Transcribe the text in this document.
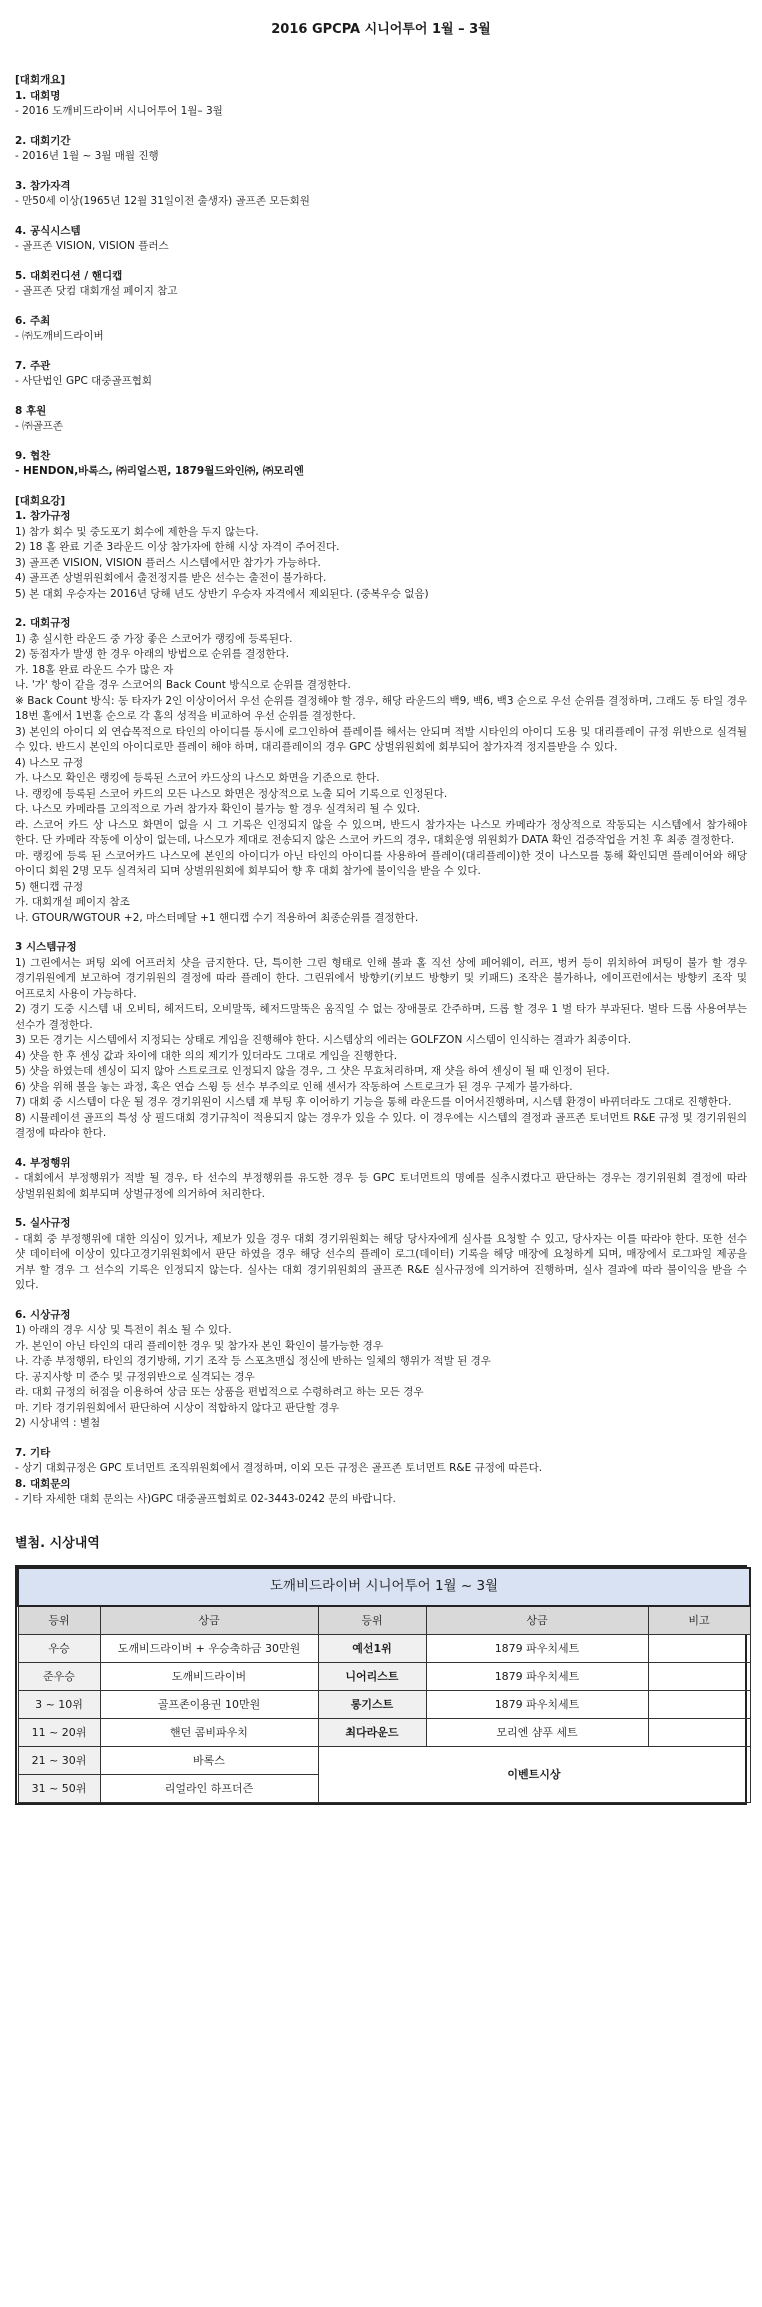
2016 GPCPA 시니어투어 1월 – 3월
[대회개요]
1. 대회명
- 2016 도깨비드라이버 시니어투어 1월– 3월
2. 대회기간
- 2016년 1월 ~ 3월 매월 진행
3. 참가자격
- 만50세 이상(1965년 12월 31일이전 출생자) 골프존 모든회원
4. 공식시스템
- 골프존 VISION, VISION 플러스
5. 대회컨디션 / 핸디캡
- 골프존 닷컴 대회개설 페이지 참고
6. 주최
- ㈜도깨비드라이버
7. 주관
- 사단법인 GPC 대중골프협회
8 후원
- ㈜골프존
9. 협찬
- HENDON,바록스, ㈜리얼스핀, 1879월드와인㈜, ㈜모리엔
[대회요강]
1. 참가규정
1) 참가 회수 및 중도포기 회수에 제한을 두지 않는다.
2) 18 홀 완료 기준 3라운드 이상 참가자에 한해 시상 자격이 주어진다.
3) 골프존 VISION, VISION 플러스 시스템에서만 참가가 가능하다.
4) 골프존 상벌위원회에서 출전정지를 받은 선수는 출전이 불가하다.
5) 본 대회 우승자는 2016년 당해 년도 상반기 우승자 자격에서 제외된다. (중복우승 없음)
2. 대회규정
1) 총 실시한 라운드 중 가장 좋은 스코어가 랭킹에 등록된다.
2) 동점자가 발생 한 경우 아래의 방법으로 순위를 결정한다.
가. 18홀 완료 라운드 수가 많은 자
나. '가' 항이 같을 경우 스코어의 Back Count 방식으로 순위를 결정한다.
※ Back Count 방식: 동 타자가 2인 이상이어서 우선 순위를 결정해야 할 경우, 해당 라운드의 백9, 백6, 백3 순으로 우선 순위를 결정하며, 그래도 동 타일 경우 18번 홀에서 1번홀 순으로 각 홀의 성적을 비교하여 우선 순위를 결정한다.
3) 본인의 아이디 외 연습목적으로 타인의 아이디를 동시에 로그인하여 플레이를 해서는 안되며 적발 시타인의 아이디 도용 및 대리플레이 규정 위반으로 실격될 수 있다. 반드시 본인의 아이디로만 플레이 해야 하며, 대리플레이의 경우 GPC 상벌위원회에 회부되어 참가자격 정지를받을 수 있다.
4) 나스모 규정
가. 나스모 확인은 랭킹에 등록된 스코어 카드상의 나스모 화면을 기준으로 한다.
나. 랭킹에 등록된 스코어 카드의 모든 나스모 화면은 정상적으로 노출 되어 기록으로 인정된다.
다. 나스모 카메라를 고의적으로 가려 참가자 확인이 불가능 할 경우 실격처리 될 수 있다.
라. 스코어 카드 상 나스모 화면이 없을 시 그 기록은 인정되지 않을 수 있으며, 반드시 참가자는 나스모 카메라가 정상적으로 작동되는 시스템에서 참가해야 한다. 단 카메라 작동에 이상이 없는데, 나스모가 제대로 전송되지 않은 스코어 카드의 경우, 대회운영 위원회가 DATA 확인 검증작업을 거친 후 최종 결정한다.
마. 랭킹에 등록 된 스코어카드 나스모에 본인의 아이디가 아닌 타인의 아이디를 사용하여 플레이(대리플레이)한 것이 나스모를 통해 확인되면 플레이어와 해당 아이디 회원 2명 모두 실격처리 되며 상벌위원회에 회부되어 향 후 대회 참가에 불이익을 받을 수 있다.
5) 핸디캡 규정
가. 대회개설 페이지 참조
나. GTOUR/WGTOUR +2, 마스터메달 +1 핸디캡 수기 적용하여 최종순위를 결정한다.
3 시스템규정
1) 그린에서는 퍼팅 외에 어프러치 샷을 금지한다. 단, 특이한 그린 형태로 인해 볼과 홀 직선 상에 페어웨이, 러프, 벙커 등이 위치하여 퍼팅이 불가 할 경우 경기위원에게 보고하여 경기위원의 결정에 따라 플레이 한다. 그린위에서 방향키(키보드 방향키 및 키패드) 조작은 불가하나, 에이프런에서는 방향키 조작 및 어프로치 사용이 가능하다.
2) 경기 도중 시스템 내 오비티, 헤저드티, 오비말뚝, 헤저드말뚝은 움직일 수 없는 장애물로 간주하며, 드롭 할 경우 1 벌 타가 부과된다. 벌타 드롭 사용여부는 선수가 결정한다.
3) 모든 경기는 시스템에서 지정되는 상태로 게임을 진행해야 한다. 시스템상의 에러는 GOLFZON 시스템이 인식하는 결과가 최종이다.
4) 샷을 한 후 센싱 값과 차이에 대한 의의 제기가 있더라도 그대로 게임을 진행한다.
5) 샷을 하였는데 센싱이 되지 않아 스트로크로 인정되지 않을 경우, 그 샷은 무효처리하며, 재 샷을 하여 센싱이 될 때 인정이 된다.
6) 샷을 위해 볼을 놓는 과정, 혹은 연습 스윙 등 선수 부주의로 인해 센서가 작동하여 스트로크가 된 경우 구제가 불가하다.
7) 대회 중 시스템이 다운 될 경우 경기위원이 시스템 재 부팅 후 이어하기 기능을 통해 라운드를 이어서진행하며, 시스템 환경이 바뀌더라도 그대로 진행한다.
8) 시뮬레이션 골프의 특성 상 필드대회 경기규칙이 적용되지 않는 경우가 있을 수 있다. 이 경우에는 시스템의 결정과 골프존 토너먼트 R&E 규정 및 경기위원의 결정에 따라야 한다.
4. 부정행위
- 대회에서 부정행위가 적발 될 경우, 타 선수의 부정행위를 유도한 경우 등 GPC 토너먼트의 명예를 실추시켰다고 판단하는 경우는 경기위원회 결정에 따라 상벌위원회에 회부되며 상벌규정에 의거하여 처리한다.
5. 실사규정
- 대회 중 부정행위에 대한 의심이 있거나, 제보가 있을 경우 대회 경기위원회는 해당 당사자에게 실사를 요청할 수 있고, 당사자는 이를 따라야 한다. 또한 선수 샷 데이터에 이상이 있다고경기위원회에서 판단 하였을 경우 해당 선수의 플레이 로그(데이터) 기록을 해당 매장에 요청하게 되며, 매장에서 로그파일 제공을 거부 할 경우 그 선수의 기록은 인정되지 않는다. 실사는 대회 경기위원회의 골프존 R&E 실사규정에 의거하여 진행하며, 실사 결과에 따라 불이익을 받을 수 있다.
6. 시상규정
1) 아래의 경우 시상 및 특전이 취소 될 수 있다.
가. 본인이 아닌 타인의 대리 플레이한 경우 및 참가자 본인 확인이 불가능한 경우
나. 각종 부정행위, 타인의 경기방해, 기기 조작 등 스포츠맨십 정신에 반하는 일체의 행위가 적발 된 경우
다. 공지사항 미 준수 및 규정위반으로 실격되는 경우
라. 대회 규정의 허점을 이용하여 상금 또는 상품을 편법적으로 수령하려고 하는 모든 경우
마. 기타 경기위원회에서 판단하여 시상이 적합하지 않다고 판단할 경우
2) 시상내역 : 별첨
7. 기타
- 상기 대회규정은 GPC 토너먼트 조직위원회에서 결정하며, 이외 모든 규정은 골프존 토너먼트 R&E 규정에 따른다.
8. 대회문의
- 기타 자세한 대회 문의는 사)GPC 대중골프협회로 02-3443-0242 문의 바랍니다.
별첨. 시상내역
도깨비드라이버 시니어투어 1월 ~ 3월				
등위	상금	등위	상금	비고
우승	도깨비드라이버 + 우승축하금 30만원	예선1위	1879 파우치세트	
준우승	도깨비드라이버	니어리스트	1879 파우치세트	
3 ~ 10위	골프존이용권 10만원	롱기스트	1879 파우치세트	
11 ~ 20위	핸던 콤비파우치	최다라운드	모리엔 샴푸 세트	
21 ~ 30위	바록스	이벤트시상		
31 ~ 50위	리얼라인 하프더즌			
